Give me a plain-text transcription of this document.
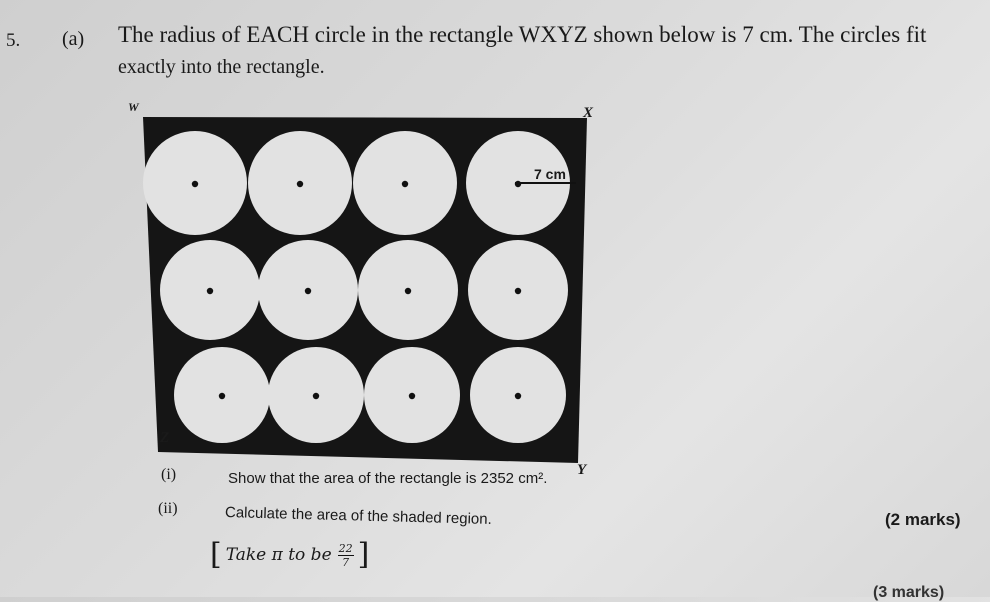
5. (a) The radius of EACH circle in the rectangle WXYZ shown below is 7 cm. The circles fit
exactly into the rectangle.
W	X
Z
Y
7 cm
(i)	Show that the area of the rectangle is 2352 cm².
(2 marks)
(ii)	Calculate the area of the shaded region.
[ Take π to be $\frac{22}{7}$ ]
(3 marks)
